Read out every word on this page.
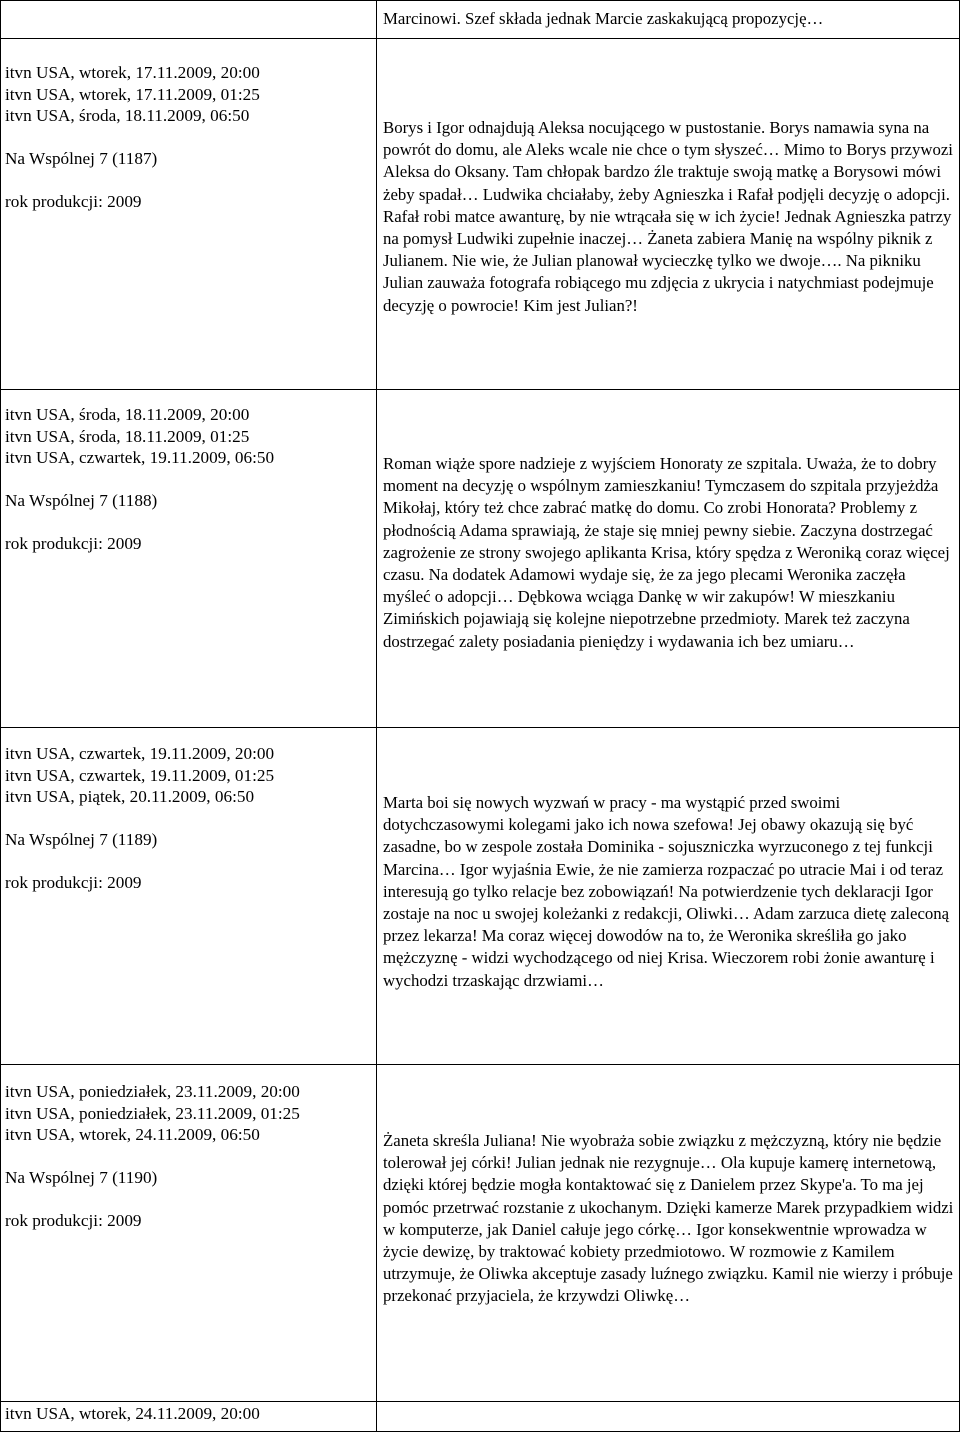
Marcinowi. Szef składa jednak Marcie zaskakującą propozycję…
itvn USA, wtorek, 17.11.2009, 20:00
itvn USA, wtorek, 17.11.2009, 01:25
itvn USA, środa, 18.11.2009, 06:50
Na Wspólnej 7 (1187)
rok produkcji: 2009
Borys i Igor odnajdują Aleksa nocującego w pustostanie. Borys namawia syna na powrót do domu, ale Aleks wcale nie chce o tym słyszeć… Mimo to Borys przywozi Aleksa do Oksany. Tam chłopak bardzo źle traktuje swoją matkę a Borysowi mówi żeby spadał… Ludwika chciałaby, żeby Agnieszka i Rafał podjęli decyzję o adopcji. Rafał robi matce awanturę, by nie wtrącała się w ich życie! Jednak Agnieszka patrzy na pomysł Ludwiki zupełnie inaczej… Żaneta zabiera Manię na wspólny piknik z Julianem. Nie wie, że Julian planował wycieczkę tylko we dwoje…. Na pikniku Julian zauważa fotografa robiącego mu zdjęcia z ukrycia i natychmiast podejmuje decyzję o powrocie! Kim jest Julian?!
itvn USA, środa, 18.11.2009, 20:00
itvn USA, środa, 18.11.2009, 01:25
itvn USA, czwartek, 19.11.2009, 06:50
Na Wspólnej 7 (1188)
rok produkcji: 2009
Roman wiąże spore nadzieje z wyjściem Honoraty ze szpitala. Uważa, że to dobry moment na decyzję o wspólnym zamieszkaniu! Tymczasem do szpitala przyjeżdża Mikołaj, który też chce zabrać matkę do domu. Co zrobi Honorata? Problemy z płodnością Adama sprawiają, że staje się mniej pewny siebie. Zaczyna dostrzegać zagrożenie ze strony swojego aplikanta Krisa, który spędza z Weroniką coraz więcej czasu. Na dodatek Adamowi wydaje się, że za jego plecami Weronika zaczęła myśleć o adopcji… Dębkowa wciąga Dankę w wir zakupów! W mieszkaniu Zimińskich pojawiają się kolejne niepotrzebne przedmioty. Marek też zaczyna dostrzegać zalety posiadania pieniędzy i wydawania ich bez umiaru…
itvn USA, czwartek, 19.11.2009, 20:00
itvn USA, czwartek, 19.11.2009, 01:25
itvn USA, piątek, 20.11.2009, 06:50
Na Wspólnej 7 (1189)
rok produkcji: 2009
Marta boi się nowych wyzwań w pracy - ma wystąpić przed swoimi dotychczasowymi kolegami jako ich nowa szefowa! Jej obawy okazują się być zasadne, bo w zespole została Dominika - sojuszniczka wyrzuconego z tej funkcji Marcina… Igor wyjaśnia Ewie, że nie zamierza rozpaczać po utracie Mai i od teraz interesują go tylko relacje bez zobowiązań! Na potwierdzenie tych deklaracji Igor zostaje na noc u swojej koleżanki z redakcji, Oliwki… Adam zarzuca dietę zaleconą przez lekarza! Ma coraz więcej dowodów na to, że Weronika skreśliła go jako mężczyznę - widzi wychodzącego od niej Krisa. Wieczorem robi żonie awanturę i wychodzi trzaskając drzwiami…
itvn USA, poniedziałek, 23.11.2009, 20:00
itvn USA, poniedziałek, 23.11.2009, 01:25
itvn USA, wtorek, 24.11.2009, 06:50
Na Wspólnej 7 (1190)
rok produkcji: 2009
Żaneta skreśla Juliana! Nie wyobraża sobie związku z mężczyzną, który nie będzie tolerował jej córki! Julian jednak nie rezygnuje… Ola kupuje kamerę internetową, dzięki której będzie mogła kontaktować się z Danielem przez Skype'a. To ma jej pomóc przetrwać rozstanie z ukochanym. Dzięki kamerze Marek przypadkiem widzi w komputerze, jak Daniel całuje jego córkę… Igor konsekwentnie wprowadza w życie dewizę, by traktować kobiety przedmiotowo. W rozmowie z Kamilem utrzymuje, że Oliwka akceptuje zasady luźnego związku. Kamil nie wierzy i próbuje przekonać przyjaciela, że krzywdzi Oliwkę…
itvn USA, wtorek, 24.11.2009, 20:00
